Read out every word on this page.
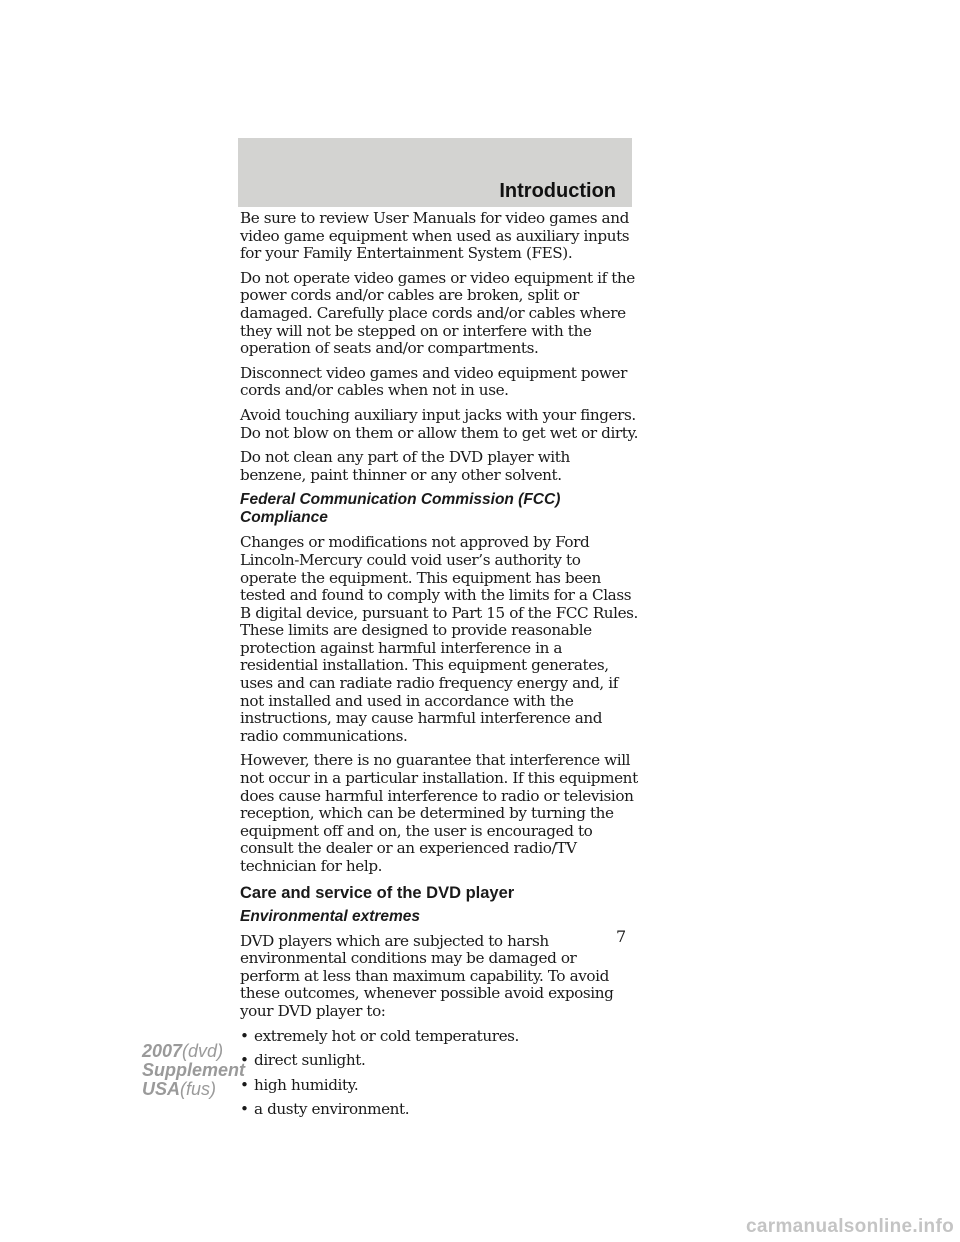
Introduction

Be sure to review User Manuals for video games and video game equipment when used as auxiliary inputs for your Family Entertainment System (FES).

Do not operate video games or video equipment if the power cords and/or cables are broken, split or damaged. Carefully place cords and/or cables where they will not be stepped on or interfere with the operation of seats and/or compartments.

Disconnect video games and video equipment power cords and/or cables when not in use.

Avoid touching auxiliary input jacks with your fingers. Do not blow on them or allow them to get wet or dirty.

Do not clean any part of the DVD player with benzene, paint thinner or any other solvent.

Federal Communication Commission (FCC) Compliance

Changes or modifications not approved by Ford Lincoln-Mercury could void user’s authority to operate the equipment. This equipment has been tested and found to comply with the limits for a Class B digital device, pursuant to Part 15 of the FCC Rules. These limits are designed to provide reasonable protection against harmful interference in a residential installation. This equipment generates, uses and can radiate radio frequency energy and, if not installed and used in accordance with the instructions, may cause harmful interference and radio communications.

However, there is no guarantee that interference will not occur in a particular installation. If this equipment does cause harmful interference to radio or television reception, which can be determined by turning the equipment off and on, the user is encouraged to consult the dealer or an experienced radio/TV technician for help.

Care and service of the DVD player
Environmental extremes

DVD players which are subjected to harsh environmental conditions may be damaged or perform at less than maximum capability. To avoid these outcomes, whenever possible avoid exposing your DVD player to:

• extremely hot or cold temperatures.
• direct sunlight.
• high humidity.
• a dusty environment.
7
2007(dvd)
Supplement
USA(fus)
carmanualsonline.info
